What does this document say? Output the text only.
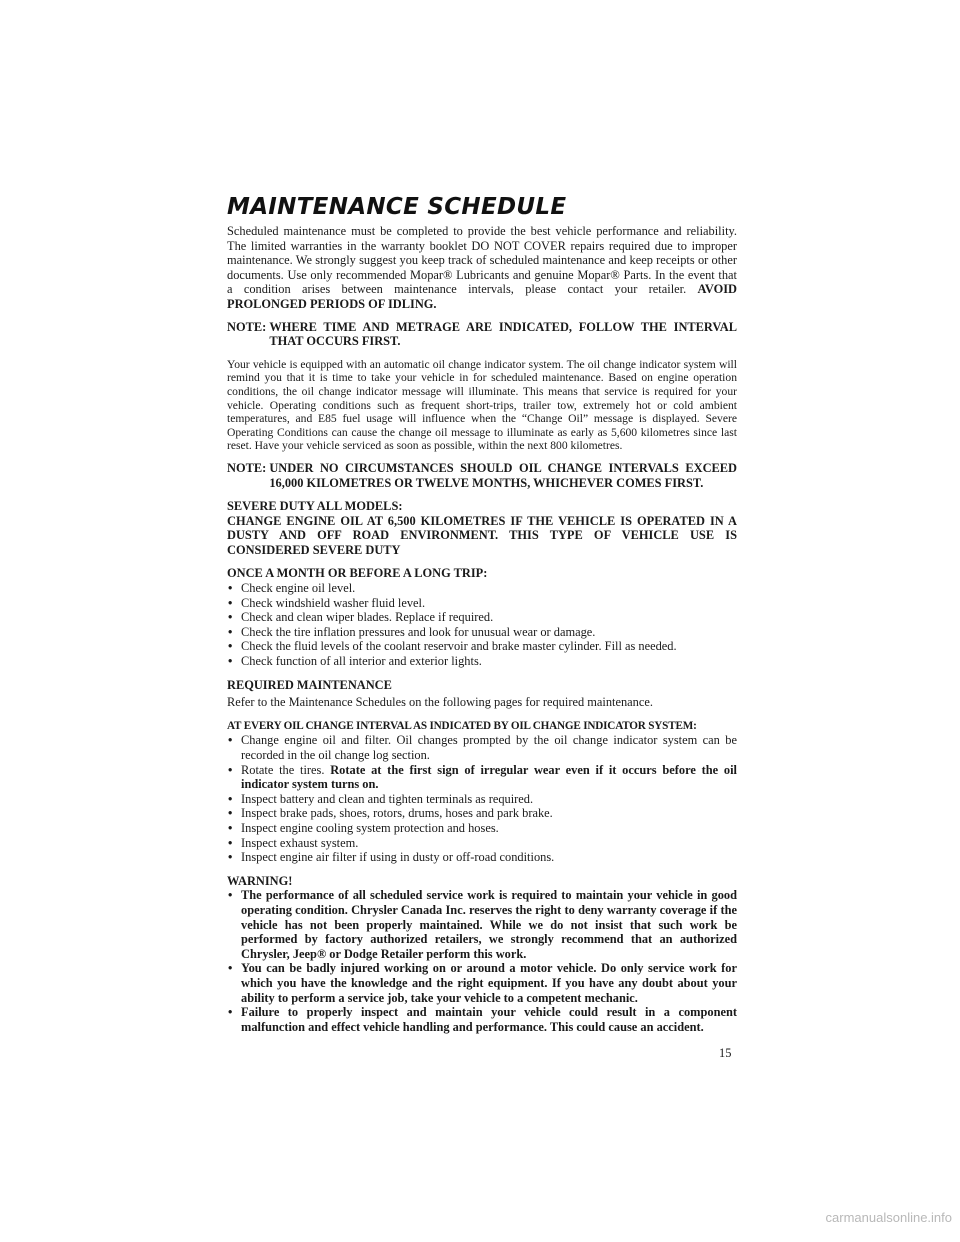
MAINTENANCE SCHEDULE

Scheduled maintenance must be completed to provide the best vehicle performance and reliability. The limited warranties in the warranty booklet DO NOT COVER repairs required due to improper maintenance. We strongly suggest you keep track of scheduled maintenance and keep receipts or other documents. Use only recommended Mopar® Lubricants and genuine Mopar® Parts. In the event that a condition arises between maintenance intervals, please contact your retailer. AVOID PROLONGED PERIODS OF IDLING.

NOTE: WHERE TIME AND METRAGE ARE INDICATED, FOLLOW THE INTERVAL THAT OCCURS FIRST.

Your vehicle is equipped with an automatic oil change indicator system. The oil change indicator system will remind you that it is time to take your vehicle in for scheduled maintenance. Based on engine operation conditions, the oil change indicator message will illuminate. This means that service is required for your vehicle. Operating conditions such as frequent short-trips, trailer tow, extremely hot or cold ambient temperatures, and E85 fuel usage will influence when the “Change Oil” message is displayed. Severe Operating Conditions can cause the change oil message to illuminate as early as 5,600 kilometres since last reset. Have your vehicle serviced as soon as possible, within the next 800 kilometres.

NOTE: UNDER NO CIRCUMSTANCES SHOULD OIL CHANGE INTERVALS EXCEED 16,000 KILOMETRES OR TWELVE MONTHS, WHICHEVER COMES FIRST.
SEVERE DUTY ALL MODELS:

CHANGE ENGINE OIL AT 6,500 KILOMETRES IF THE VEHICLE IS OPERATED IN A DUSTY AND OFF ROAD ENVIRONMENT. THIS TYPE OF VEHICLE USE IS CONSIDERED SEVERE DUTY

ONCE A MONTH OR BEFORE A LONG TRIP:
• Check engine oil level.
• Check windshield washer fluid level.
• Check and clean wiper blades. Replace if required.
• Check the tire inflation pressures and look for unusual wear or damage.
• Check the fluid levels of the coolant reservoir and brake master cylinder. Fill as needed.
• Check function of all interior and exterior lights.
REQUIRED MAINTENANCE

Refer to the Maintenance Schedules on the following pages for required maintenance.

AT EVERY OIL CHANGE INTERVAL AS INDICATED BY OIL CHANGE INDICATOR SYSTEM:
• Change engine oil and filter. Oil changes prompted by the oil change indicator system can be recorded in the oil change log section.
• Rotate the tires. Rotate at the first sign of irregular wear even if it occurs before the oil indicator system turns on.
• Inspect battery and clean and tighten terminals as required.
• Inspect brake pads, shoes, rotors, drums, hoses and park brake.
• Inspect engine cooling system protection and hoses.
• Inspect exhaust system.
• Inspect engine air filter if using in dusty or off-road conditions.
WARNING!
• The performance of all scheduled service work is required to maintain your vehicle in good operating condition. Chrysler Canada Inc. reserves the right to deny warranty coverage if the vehicle has not been properly maintained. While we do not insist that such work be performed by factory authorized retailers, we strongly recommend that an authorized Chrysler, Jeep® or Dodge Retailer perform this work.
• You can be badly injured working on or around a motor vehicle. Do only service work for which you have the knowledge and the right equipment. If you have any doubt about your ability to perform a service job, take your vehicle to a competent mechanic.
• Failure to properly inspect and maintain your vehicle could result in a component malfunction and effect vehicle handling and performance. This could cause an accident.
15
carmanualsonline.info
